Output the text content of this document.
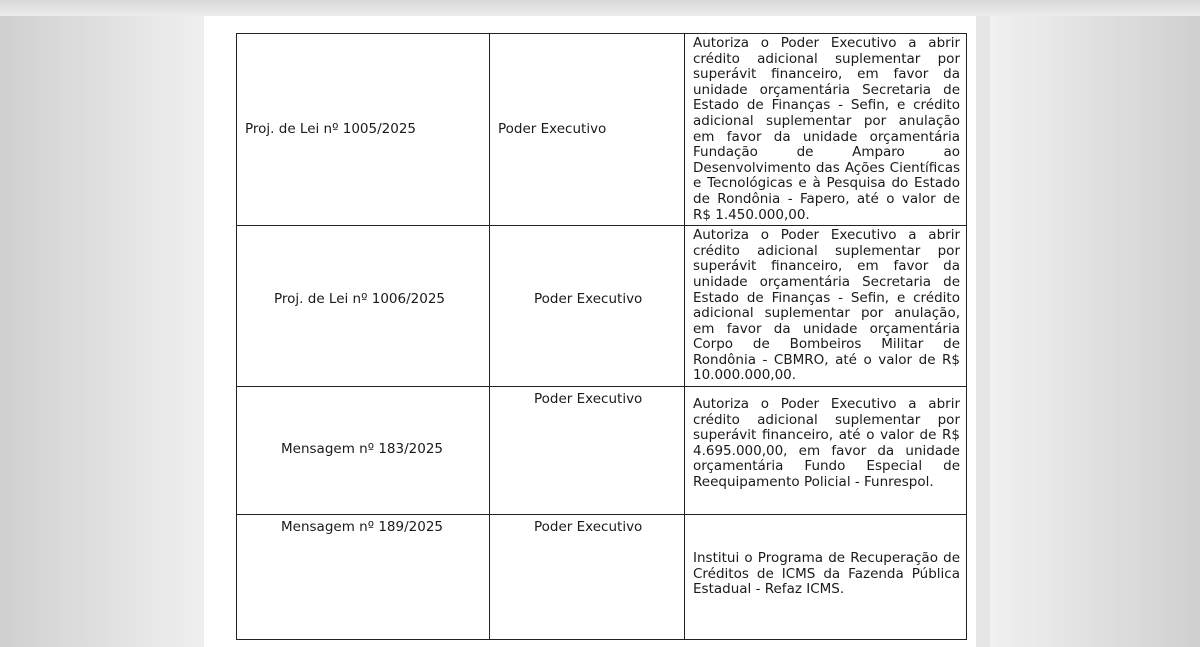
Proj. de Lei nº 1005/2025	Poder Executivo	Autoriza o Poder Executivo a abrir crédito adicional suplementar por superávit financeiro, em favor da unidade orçamentária Secretaria de Estado de Finanças - Sefin, e crédito adicional suplementar por anulação em favor da unidade orçamentária Fundação de Amparo ao Desenvolvimento das Ações Científicas e Tecnológicas e à Pesquisa do Estado de Rondônia - Fapero, até o valor de R$ 1.450.000,00.

Proj. de Lei nº 1006/2025	Poder Executivo	Autoriza o Poder Executivo a abrir crédito adicional suplementar por superávit financeiro, em favor da unidade orçamentária Secretaria de Estado de Finanças - Sefin, e crédito adicional suplementar por anulação, em favor da unidade orçamentária Corpo de Bombeiros Militar de Rondônia - CBMRO, até o valor de R$ 10.000.000,00.

Mensagem nº 183/2025	Poder Executivo	Autoriza o Poder Executivo a abrir crédito adicional suplementar por superávit financeiro, até o valor de R$ 4.695.000,00, em favor da unidade orçamentária Fundo Especial de Reequipamento Policial - Funrespol.

Mensagem nº 189/2025	Poder Executivo	Institui o Programa de Recuperação de Créditos de ICMS da Fazenda Pública Estadual - Refaz ICMS.
